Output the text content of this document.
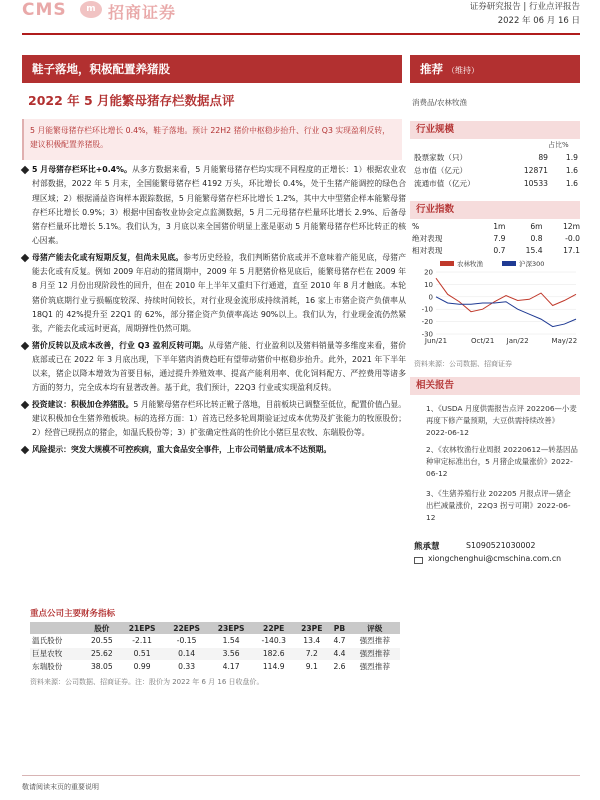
CMS	m 招商证券	证券研究报告 | 行业点评报告
2022 年 06 月 16 日
鞋子落地，积极配置养猪股	推荐 （维持）
2022 年 5 月能繁母猪存栏数据点评	消费品/农林牧渔
5 月能繁母猪存栏环比增长 0.4%，鞋子落地。预计 22H2 猪价中枢稳步抬升、行业 Q3 实现盈利反转，建议积极配置养猪股。
5 月母猪存栏环比+0.4%。从多方数据来看，5 月能繁母猪存栏均实现不同程度的正增长：1）根据农业农村部数据，2022 年 5 月末，全国能繁母猪存栏 4192 万头，环比增长 0.4%，处于生猪产能调控的绿色合理区域；2）根据涌益咨询样本跟踪数据，5 月能繁母猪存栏环比增长 1.2%，其中大中型猪企样本能繁母猪存栏环比增长 0.9%；3）根据中国畜牧业协会定点监测数据，5 月二元母猪存栏量环比增长 2.9%、后备母猪存栏量环比增长 5.1%。我们认为，3 月底以来全国猪价明显上涨是驱动 5 月能繁母猪存栏环比转正的核心因素。
母猪产能去化或有短期反复，但尚未见底。参考历史经验，我们判断猪价底或并不意味着产能见底，母猪产能去化或有反复。例如 2009 年启动的猪周期中，2009 年 5 月肥猪价格见底后，能繁母猪存栏在 2009 年 8 月至 12 月份出现阶段性的回升，但在 2010 年上半年又重归下行通道，直至 2010 年 8 月才触底。本轮猪价筑底期行业亏损幅度较深、持续时间较长，对行业现金流形成持续消耗，16 家上市猪企资产负债率从 18Q1 的 42%提升至 22Q1 的 62%，部分猪企资产负债率高达 90%以上。我们认为，行业现金流仍然紧张，产能去化或远时更高，周期弹性仍然可期。
猪价反转以及成本改善，行业 Q3 盈利反转可期。从母猪产能、行业盈利以及猪料销量等多维度来看，猪价底部或已在 2022 年 3 月底出现，下半年猪肉消费趋旺有望带动猪价中枢稳步抬升。此外，2021 年下半年以来，猪企以降本增效为首要目标，通过提升养殖效率、提高产能利用率、优化饲料配方、严控费用等诸多方面的努力，完全成本均有显著改善。基于此，我们预计，22Q3 行业或实现盈利反转。
投资建议：积极加仓养猪股。5 月能繁母猪存栏环比转正靴子落地，目前板块已调整至低位，配置价值凸显。建议积极加仓生猪养殖板块。标的选择方面：1）首选已经多轮周期验证过成本优势及扩张能力的牧原股份；2）经营已现拐点的猪企，如温氏股份等；3）扩张确定性高的性价比小猪巨星农牧、东瑞股份等。
风险提示：突发大规模不可控疾病，重大食品安全事件，上市公司销量/成本不达预期。
重点公司主要财务指标
	股价	21EPS	22EPS	23EPS	22PE	23PE	PB	评级
温氏股份	20.55	-2.11	-0.15	1.54	-140.3	13.4	4.7	强烈推荐
巨星农牧	25.62	0.51	0.14	3.56	182.6	7.2	4.4	强烈推荐
东瑞股份	38.05	0.99	0.33	4.17	114.9	9.1	2.6	强烈推荐
资料来源：公司数据、招商证券。注：股价为 2022 年 6 月 16 日收盘价。
行业规模
占比%
股票家数（只）	89 1.9
总市值（亿元）	12871 1.6
流通市值（亿元）	10533 1.6
行业指数
%	1m	6m	12m
绝对表现	7.9	0.8	-0.0
相对表现	0.7	15.4	17.1
20
10
0
-10
-20
-30
Jun/21	Oct/21 Jan/22	May/22
农林牧渔	沪深300
资料来源：公司数据、招商证券
相关报告
1、《USDA 月度供需报告点评 202206—小麦再度下修产量预期，大豆供需持续改善》2022-06-12
2、《农林牧渔行业周报 20220612—转基因品种审定标准出台，5 月猪企成量涨价》2022-06-12
3、《生猪养殖行业 202205 月报点评—猪企出栏减量涨价，22Q3 拐亏可期》2022-06-12
熊承慧	S1090521030002
xiongchenghui@cmschina.com.cn
敬请阅读末页的重要说明
